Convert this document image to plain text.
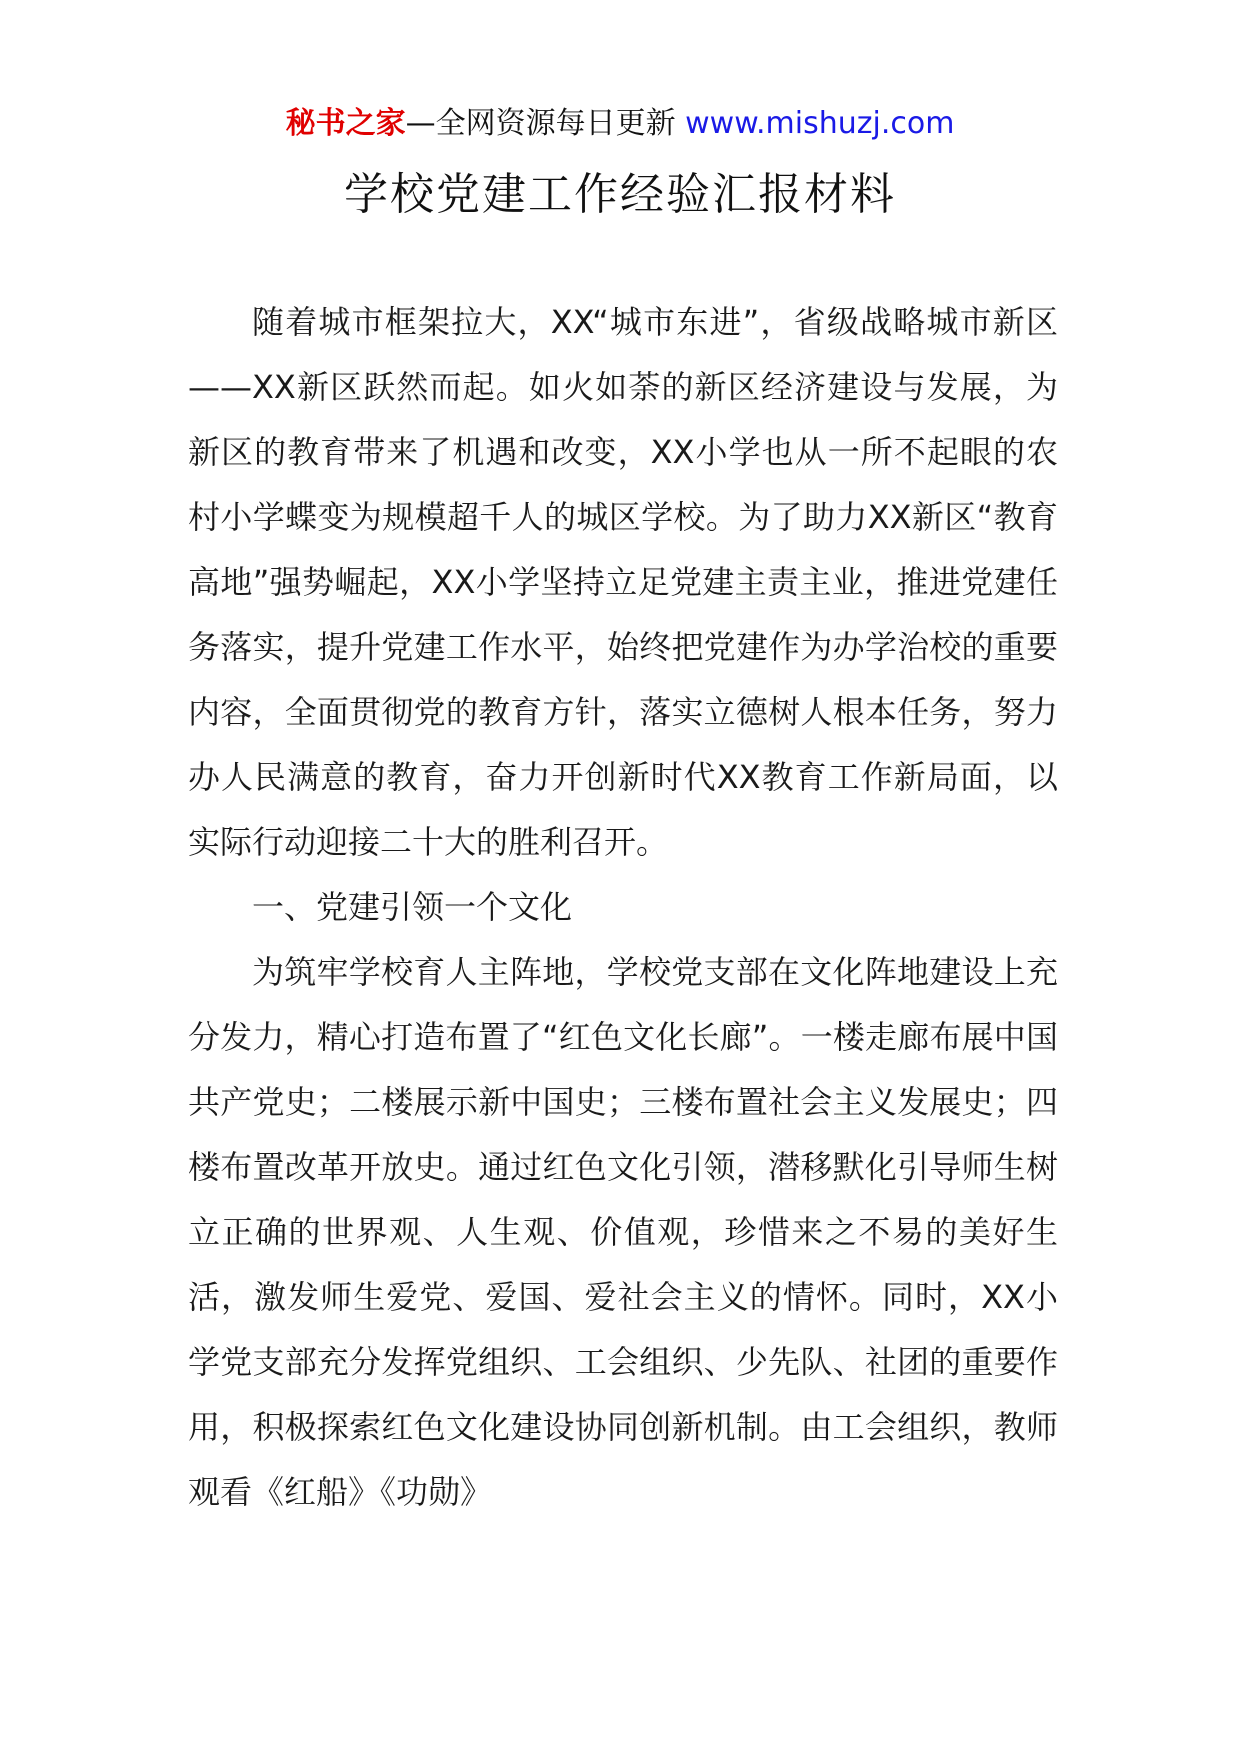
秘书之家—全网资源每日更新 www.mishuzj.com
学校党建工作经验汇报材料

随着城市框架拉大，XX“城市东进”，省级战略城市新区——XX新区跃然而起。如火如荼的新区经济建设与发展，为新区的教育带来了机遇和改变，XX小学也从一所不起眼的农村小学蝶变为规模超千人的城区学校。为了助力XX新区“教育高地”强势崛起，XX小学坚持立足党建主责主业，推进党建任务落实，提升党建工作水平，始终把党建作为办学治校的重要内容，全面贯彻党的教育方针，落实立德树人根本任务，努力办人民满意的教育，奋力开创新时代XX教育工作新局面，以实际行动迎接二十大的胜利召开。

一、党建引领一个文化

为筑牢学校育人主阵地，学校党支部在文化阵地建设上充分发力，精心打造布置了“红色文化长廊”。一楼走廊布展中国共产党史；二楼展示新中国史；三楼布置社会主义发展史；四楼布置改革开放史。通过红色文化引领，潜移默化引导师生树立正确的世界观、人生观、价值观，珍惜来之不易的美好生活，激发师生爱党、爱国、爱社会主义的情怀。同时，XX小学党支部充分发挥党组织、工会组织、少先队、社团的重要作用，积极探索红色文化建设协同创新机制。由工会组织，教师观看《红船》《功勋》
